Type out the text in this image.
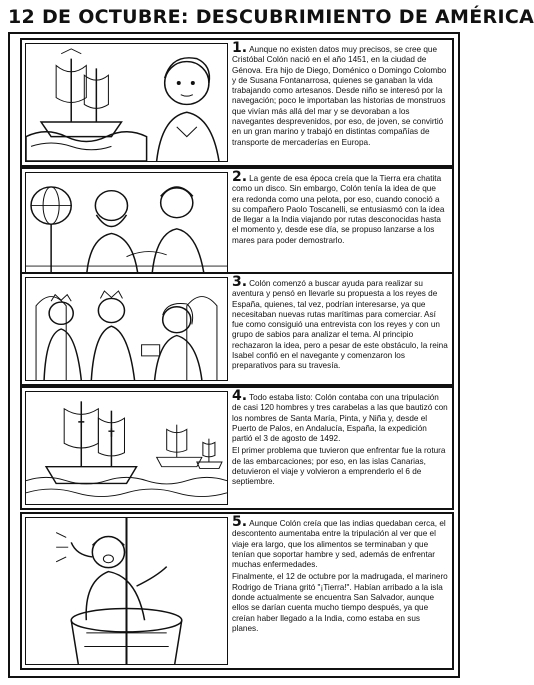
12 DE OCTUBRE: DESCUBRIMIENTO DE AMÉRICA

1. Aunque no existen datos muy precisos, se cree que Cristóbal Colón nació en el año 1451, en la ciudad de Génova. Era hijo de Diego, Doménico o Domingo Colombo y de Susana Fontanarrosa, quienes se ganaban la vida trabajando como artesanos. Desde niño se interesó por la navegación; poco le importaban las historias de monstruos que vivían más allá del mar y se devoraban a los navegantes desprevenidos, por eso, de joven, se convirtió en un gran marino y trabajó en distintas compañías de transporte de mercaderías en Europa.

2. La gente de esa época creía que la Tierra era chatita como un disco. Sin embargo, Colón tenía la idea de que era redonda como una pelota, por eso, cuando conoció a su compañero Paolo Toscanelli, se entusiasmó con la idea de llegar a la India viajando por rutas desconocidas hasta el momento y, desde ese día, se propuso lanzarse a los mares para poder demostrarlo.

3. Colón comenzó a buscar ayuda para realizar su aventura y pensó en llevarle su propuesta a los reyes de España, quienes, tal vez, podrían interesarse, ya que necesitaban nuevas rutas marítimas para comerciar. Así fue como consiguió una entrevista con los reyes y con un grupo de sabios para analizar el tema. Al principio rechazaron la idea, pero a pesar de este obstáculo, la reina Isabel confió en el navegante y comenzaron los preparativos para su travesía.

4. Todo estaba listo: Colón contaba con una tripulación de casi 120 hombres y tres carabelas a las que bautizó con los nombres de Santa María, Pinta, y Niña y, desde el Puerto de Palos, en Andalucía, España, la expedición partió el 3 de agosto de 1492.

El primer problema que tuvieron que enfrentar fue la rotura de las embarcaciones; por eso, en las islas Canarias, detuvieron el viaje y volvieron a emprenderlo el 6 de septiembre.

5. Aunque Colón creía que las indias quedaban cerca, el descontento aumentaba entre la tripulación al ver que el viaje era largo, que los alimentos se terminaban y que tenían que soportar hambre y sed, además de enfrentar muchas enfermedades.

Finalmente, el 12 de octubre por la madrugada, el marinero Rodrigo de Triana gritó "¡Tierra!". Habían arribado a la isla donde actualmente se encuentra San Salvador, aunque ellos se darían cuenta mucho tiempo después, ya que creían haber llegado a la India, como estaba en sus planes.
